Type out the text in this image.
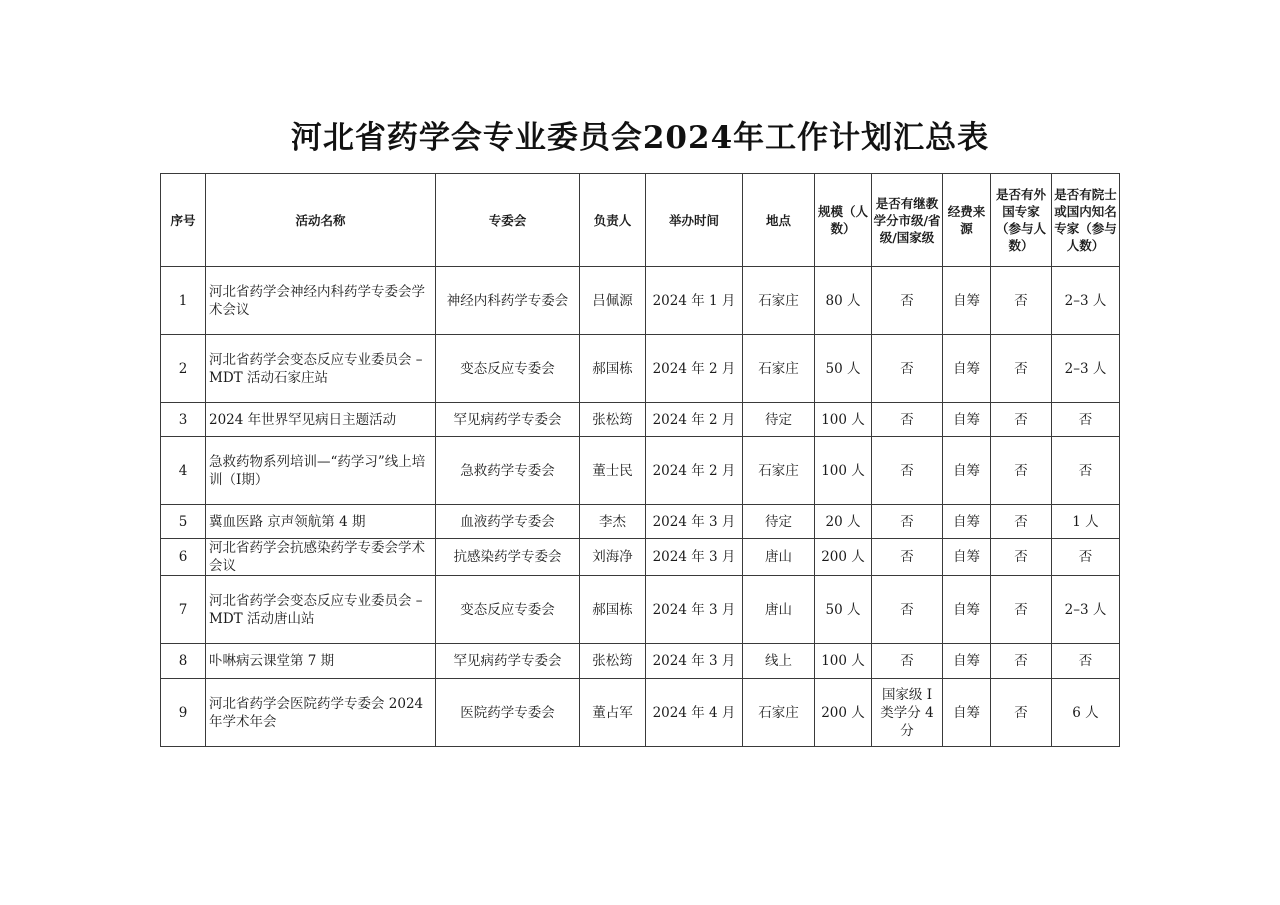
河北省药学会专业委员会2024年工作计划汇总表
序号	活动名称	专委会	负责人	举办时间	地点	规模（人数）	是否有继教学分市级/省级/国家级	经费来源	是否有外国专家（参与人数）	是否有院士或国内知名专家（参与人数）
1	河北省药学会神经内科药学专委会学术会议	神经内科药学专委会	吕佩源	2024 年 1 月	石家庄	80 人	否	自筹	否	2–3 人
2	河北省药学会变态反应专业委员会 –MDT 活动石家庄站	变态反应专委会	郝国栋	2024 年 2 月	石家庄	50 人	否	自筹	否	2–3 人
3	2024 年世界罕见病日主题活动	罕见病药学专委会	张松筠	2024 年 2 月	待定	100 人	否	自筹	否	否
4	急救药物系列培训—“药学习”线上培训（Ⅰ期）	急救药学专委会	董士民	2024 年 2 月	石家庄	100 人	否	自筹	否	否
5	冀血医路 京声领航第 4 期	血液药学专委会	李杰	2024 年 3 月	待定	20 人	否	自筹	否	1 人
6	河北省药学会抗感染药学专委会学术会议	抗感染药学专委会	刘海净	2024 年 3 月	唐山	200 人	否	自筹	否	否
7	河北省药学会变态反应专业委员会 –MDT 活动唐山站	变态反应专委会	郝国栋	2024 年 3 月	唐山	50 人	否	自筹	否	2–3 人
8	卟啉病云课堂第 7 期	罕见病药学专委会	张松筠	2024 年 3 月	线上	100 人	否	自筹	否	否
9	河北省药学会医院药学专委会 2024 年学术年会	医院药学专委会	董占军	2024 年 4 月	石家庄	200 人	国家级 I 类学分 4 分	自筹	否	6 人
